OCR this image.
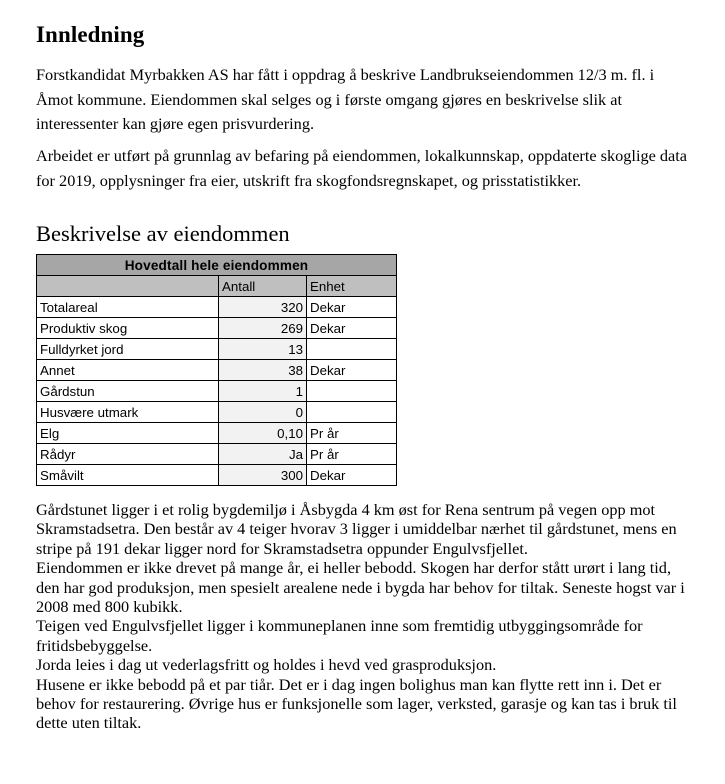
Innledning
Forstkandidat Myrbakken AS har fått i oppdrag å beskrive Landbrukseiendommen 12/3 m. fl. i Åmot kommune. Eiendommen skal selges og i første omgang gjøres en beskrivelse slik at interessenter kan gjøre egen prisvurdering.
Arbeidet er utført på grunnlag av befaring på eiendommen, lokalkunnskap, oppdaterte skoglige data for 2019, opplysninger fra eier, utskrift fra skogfondsregnskapet, og prisstatistikker.
Beskrivelse av eiendommen
Hovedtall hele eiendommen		
	Antall	Enhet
Totalareal	320	Dekar
Produktiv skog	269	Dekar
Fulldyrket jord	13	
Annet	38	Dekar
Gårdstun	1	
Husvære utmark	0	
Elg	0,10	Pr år
Rådyr	Ja	Pr år
Småvilt	300	Dekar

Gårdstunet ligger i et rolig bygdemiljø i Åsbygda 4 km øst for Rena sentrum på vegen opp mot Skramstadsetra. Den består av 4 teiger hvorav 3 ligger i umiddelbar nærhet til gårdstunet, mens en stripe på 191 dekar ligger nord for Skramstadsetra oppunder Engulvsfjellet.

Eiendommen er ikke drevet på mange år, ei heller bebodd. Skogen har derfor stått urørt i lang tid, den har god produksjon, men spesielt arealene nede i bygda har behov for tiltak. Seneste hogst var i 2008 med 800 kubikk.

Teigen ved Engulvsfjellet ligger i kommuneplanen inne som fremtidig utbyggingsområde for fritidsbebyggelse.

Jorda leies i dag ut vederlagsfritt og holdes i hevd ved grasproduksjon.

Husene er ikke bebodd på et par tiår. Det er i dag ingen bolighus man kan flytte rett inn i. Det er behov for restaurering. Øvrige hus er funksjonelle som lager, verksted, garasje og kan tas i bruk til dette uten tiltak.
